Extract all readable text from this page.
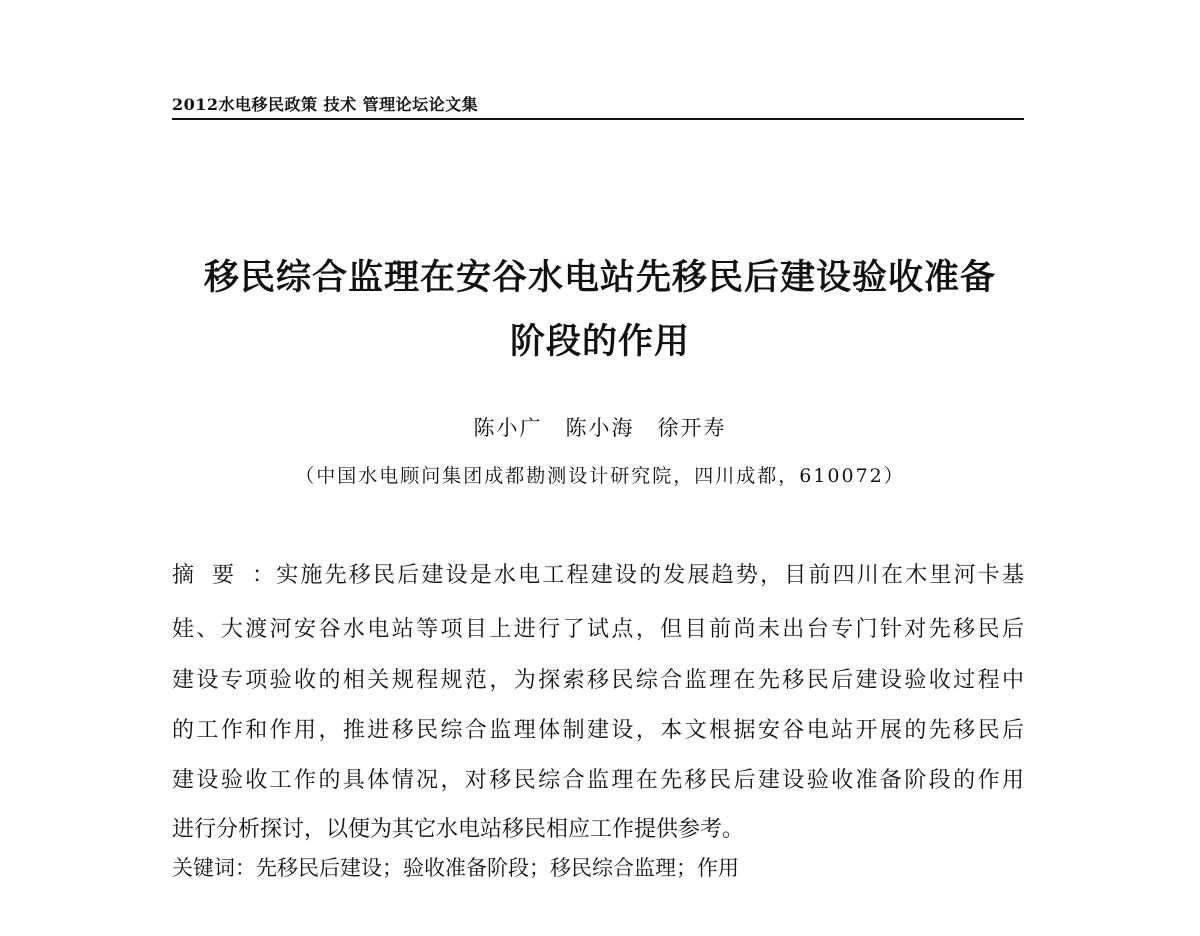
2012水电移民政策 技术 管理论坛论文集
移民综合监理在安谷水电站先移民后建设验收准备
阶段的作用
陈小广　陈小海　徐开寿
（中国水电顾问集团成都勘测设计研究院，四川成都，610072）
摘要：实施先移民后建设是水电工程建设的发展趋势，目前四川在木里河卡基
娃、大渡河安谷水电站等项目上进行了试点，但目前尚未出台专门针对先移民后
建设专项验收的相关规程规范，为探索移民综合监理在先移民后建设验收过程中
的工作和作用，推进移民综合监理体制建设，本文根据安谷电站开展的先移民后
建设验收工作的具体情况，对移民综合监理在先移民后建设验收准备阶段的作用
进行分析探讨，以便为其它水电站移民相应工作提供参考。
关键词：先移民后建设；验收准备阶段；移民综合监理；作用
